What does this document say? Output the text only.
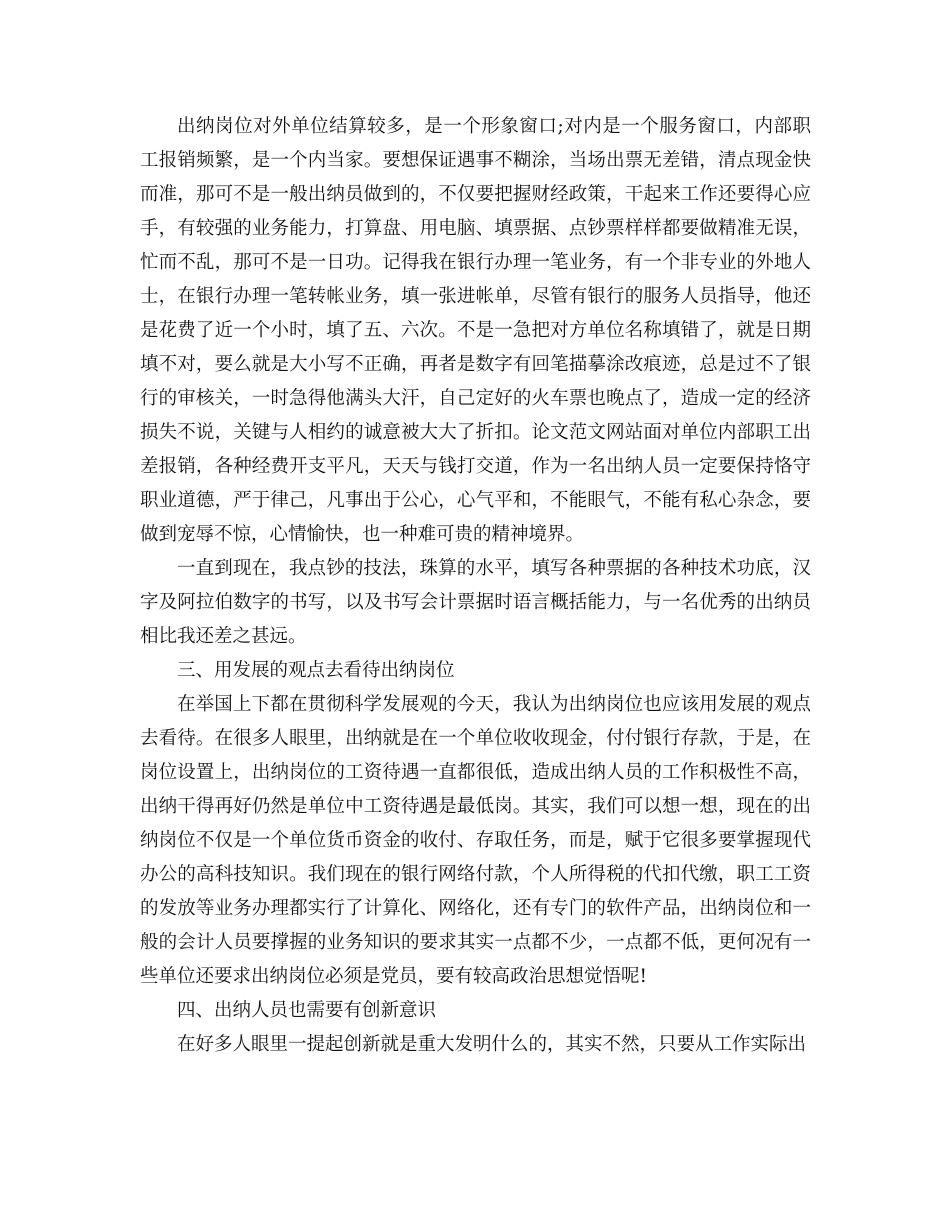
出纳岗位对外单位结算较多，是一个形象窗口;对内是一个服务窗口，内部职工报销频繁，是一个内当家。要想保证遇事不糊涂，当场出票无差错，清点现金快而准，那可不是一般出纳员做到的，不仅要把握财经政策，干起来工作还要得心应手，有较强的业务能力，打算盘、用电脑、填票据、点钞票样样都要做精准无误，忙而不乱，那可不是一日功。记得我在银行办理一笔业务，有一个非专业的外地人士，在银行办理一笔转帐业务，填一张进帐单，尽管有银行的服务人员指导，他还是花费了近一个小时，填了五、六次。不是一急把对方单位名称填错了，就是日期填不对，要么就是大小写不正确，再者是数字有回笔描摹涂改痕迹，总是过不了银行的审核关，一时急得他满头大汗，自己定好的火车票也晚点了，造成一定的经济损失不说，关键与人相约的诚意被大大了折扣。论文范文网站面对单位内部职工出差报销，各种经费开支平凡，天天与钱打交道，作为一名出纳人员一定要保持恪守职业道德，严于律己，凡事出于公心，心气平和，不能眼气，不能有私心杂念，要做到宠辱不惊，心情愉快，也一种难可贵的精神境界。

一直到现在，我点钞的技法，珠算的水平，填写各种票据的各种技术功底，汉字及阿拉伯数字的书写，以及书写会计票据时语言概括能力，与一名优秀的出纳员相比我还差之甚远。

三、用发展的观点去看待出纳岗位

在举国上下都在贯彻科学发展观的今天，我认为出纳岗位也应该用发展的观点去看待。在很多人眼里，出纳就是在一个单位收收现金，付付银行存款，于是，在岗位设置上，出纳岗位的工资待遇一直都很低，造成出纳人员的工作积极性不高，出纳干得再好仍然是单位中工资待遇是最低岗。其实，我们可以想一想，现在的出纳岗位不仅是一个单位货币资金的收付、存取任务，而是，赋于它很多要掌握现代办公的高科技知识。我们现在的银行网络付款，个人所得税的代扣代缴，职工工资的发放等业务办理都实行了计算化、网络化，还有专门的软件产品，出纳岗位和一般的会计人员要撑握的业务知识的要求其实一点都不少，一点都不低，更何况有一些单位还要求出纳岗位必须是党员，要有较高政治思想觉悟呢!

四、出纳人员也需要有创新意识

在好多人眼里一提起创新就是重大发明什么的，其实不然，只要从工作实际出
